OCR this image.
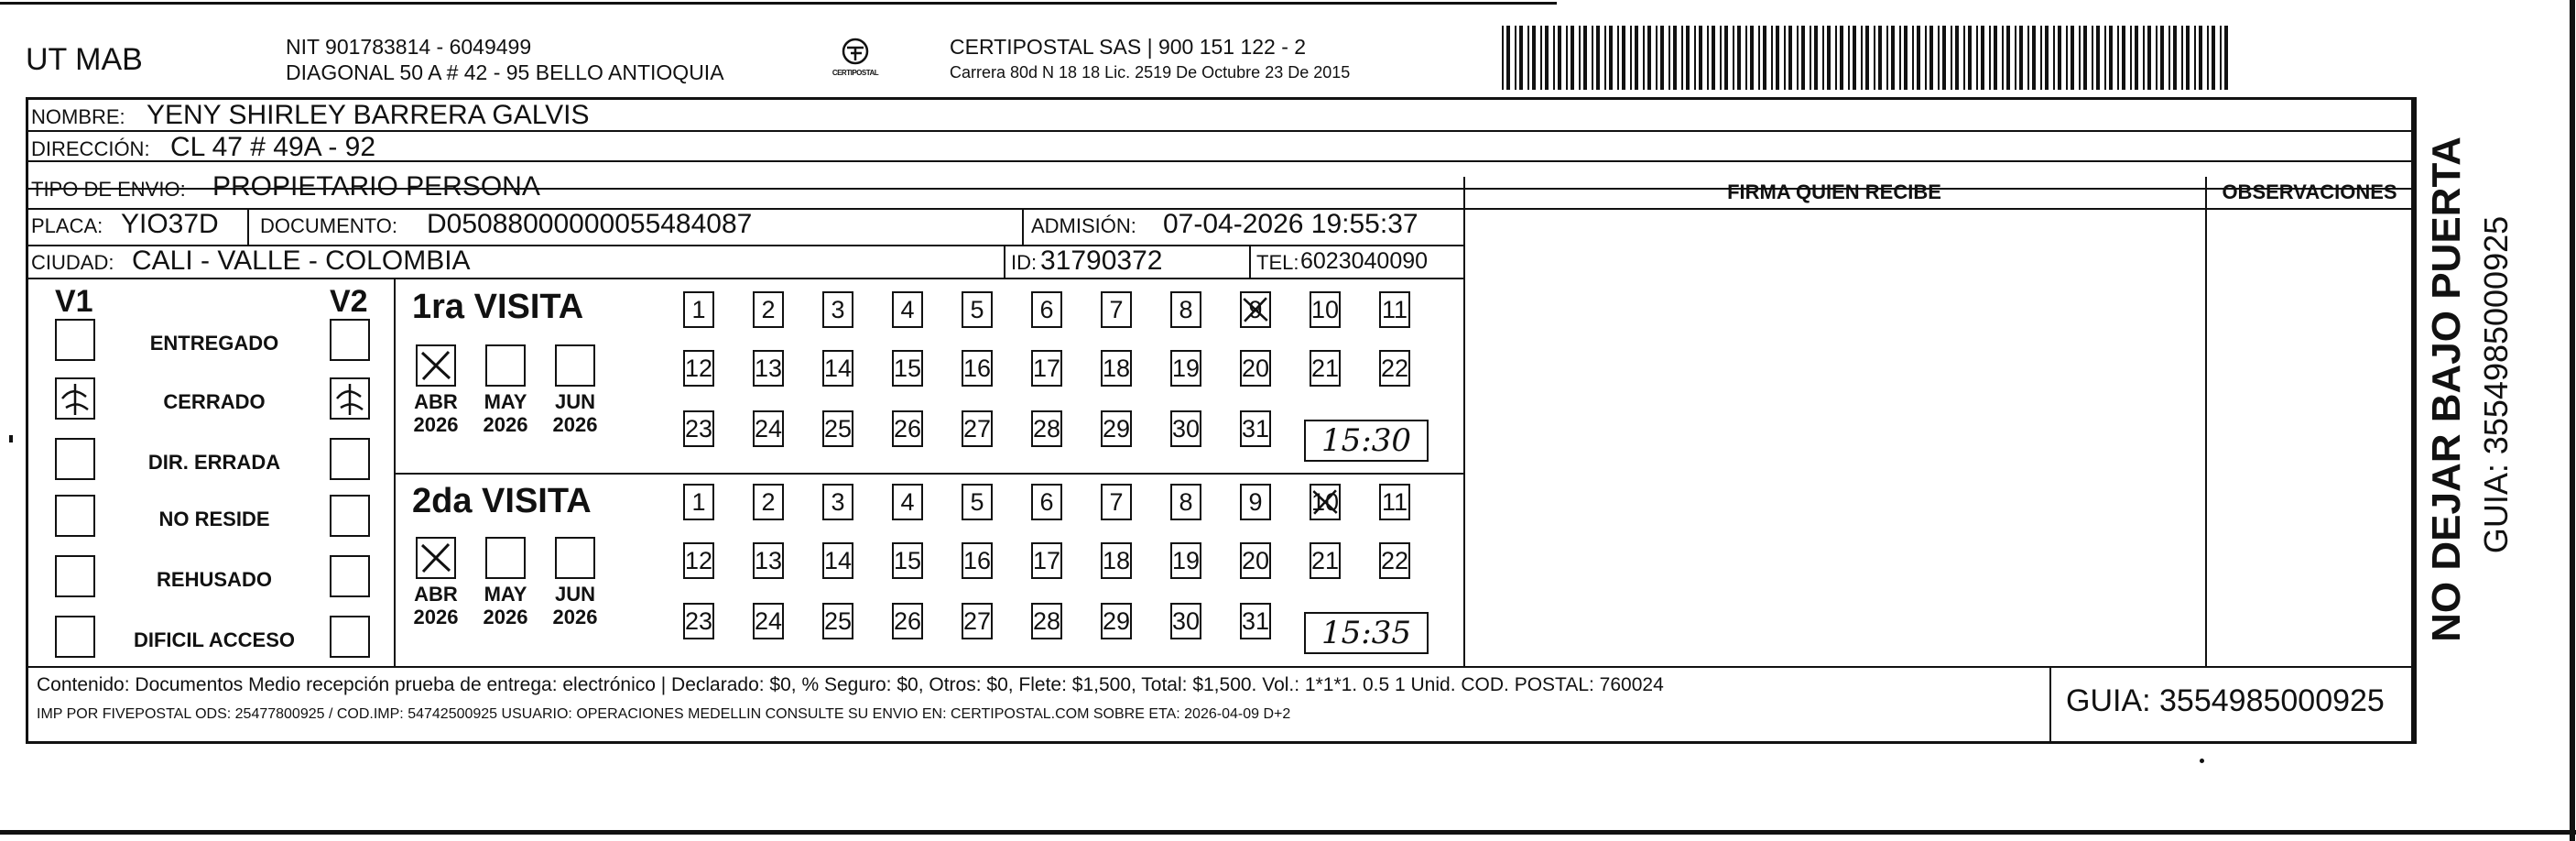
UT MAB	NIT 901783814 - 6049499
DIAGONAL 50 A # 42 - 95 BELLO ANTIOQUIA	CERTIPOSTAL
CERTIPOSTAL SAS | 900 151 122 - 2
Carrera 80d N 18 18 Lic. 2519 De Octubre 23 De 2015
FIRMA QUIEN RECIBE	OBSERVACIONES
NOMBRE: YENY SHIRLEY BARRERA GALVIS
DIRECCIÓN: CL 47 # 49A - 92
TIPO DE ENVIO: PROPIETARIO PERSONA
PLACA: YIO37D DOCUMENTO: D05088000000055484087	ADMISIÓN: 07-04-2026 19:55:37
CIUDAD: CALI - VALLE - COLOMBIA	ID: 31790372	TEL: 6023040090
V1	V2
ENTREGADO
CERRADO
DIR. ERRADA
NO RESIDE
REHUSADO
DIFICIL ACCESO
1ra VISITA
ABR
2026
MAY
2026
JUN
2026
1	2	3	4	5	6	7	8	9	10 11
12 13 14 15 16 17 18 19 20 21 22
23 24 25 26 27 28 29 30 31	15:30
2da VISITA
ABR
2026
MAY
2026
JUN
2026
1	2	3	4	5	6	7	8	9	10 11
12 13 14 15 16 17 18 19 20 21 22
23 24 25 26 27 28 29 30 31	15:35
Contenido: Documentos Medio recepción prueba de entrega: electrónico | Declarado: $0, % Seguro: $0, Otros: $0, Flete: $1,500, Total: $1,500. Vol.: 1*1*1. 0.5 1 Unid. COD. POSTAL: 760024
IMP POR FIVEPOSTAL ODS: 25477800925 / COD.IMP: 54742500925 USUARIO: OPERACIONES MEDELLIN CONSULTE SU ENVIO EN: CERTIPOSTAL.COM SOBRE ETA: 2026-04-09 D+2	GUIA: 3554985000925
NO DEJAR BAJO PUERTA GUIA: 3554985000925
